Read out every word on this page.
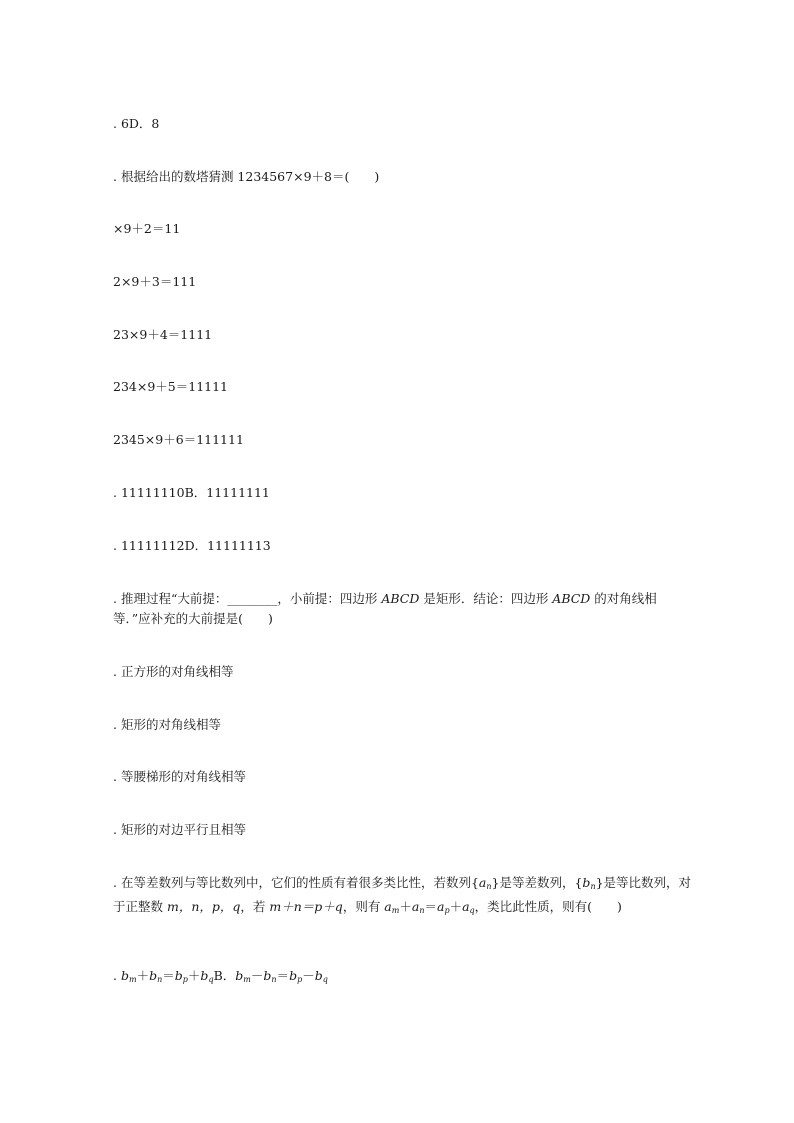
. 6D．8
. 根据给出的数塔猜测 1234567×9＋8＝(　　)
×9＋2＝11
2×9＋3＝111
23×9＋4＝1111
234×9＋5＝11111
2345×9＋6＝111111
. 11111110B．11111111
. 11111112D．11111113
. 推理过程“大前提：________，小前提：四边形 ABCD 是矩形．结论：四边形 ABCD 的对角线相等．”应补充的大前提是(　　)
. 正方形的对角线相等
. 矩形的对角线相等
. 等腰梯形的对角线相等
. 矩形的对边平行且相等
. 在等差数列与等比数列中，它们的性质有着很多类比性，若数列$\{a_n\}$是等差数列，$\{b_n\}$是等比数列，对于正整数 m，n，p，q，若 m＋n＝p＋q，则有 $a_m+a_n=a_p+a_q$，类比此性质，则有(　　)
. $b_m+b_n=b_p+b_qB$．$b_m-b_n=b_p-b_q$
